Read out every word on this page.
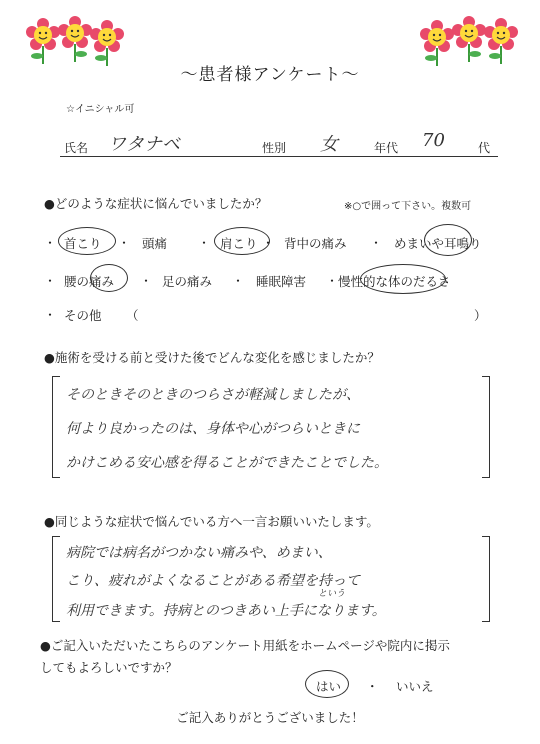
〜患者様アンケート〜
☆イニシャル可
氏名 ワタナベ	性別 女	年代 70	代
●どのような症状に悩んでいましたか？	※○で囲って下さい。複数可
・ 首こり ・ 頭痛	・ 肩こり ・ 背中の痛み ・ めまいや耳鳴り
・ 腰の痛み ・ 足の痛み ・ 睡眠障害 ・ 慢性的な体のだるさ
・ その他 （	）
●施術を受ける前と受けた後でどんな変化を感じましたか？
そのときそのときのつらさが軽減しましたが、
何より良かったのは、身体や心がつらいときに
かけこめる安心感を得ることができたことでした。
●同じような症状で悩んでいる方へ一言お願いいたします。
病院では病名がつかない痛みや、めまい、
こり、疲れがよくなることがある希望を持って
という
利用できます。持病とのつきあい上手になります。
●ご記入いただいたこちらのアンケート用紙をホームページや院内に掲示
してもよろしいですか？
はい ・ いいえ
ご記入ありがとうございました！
